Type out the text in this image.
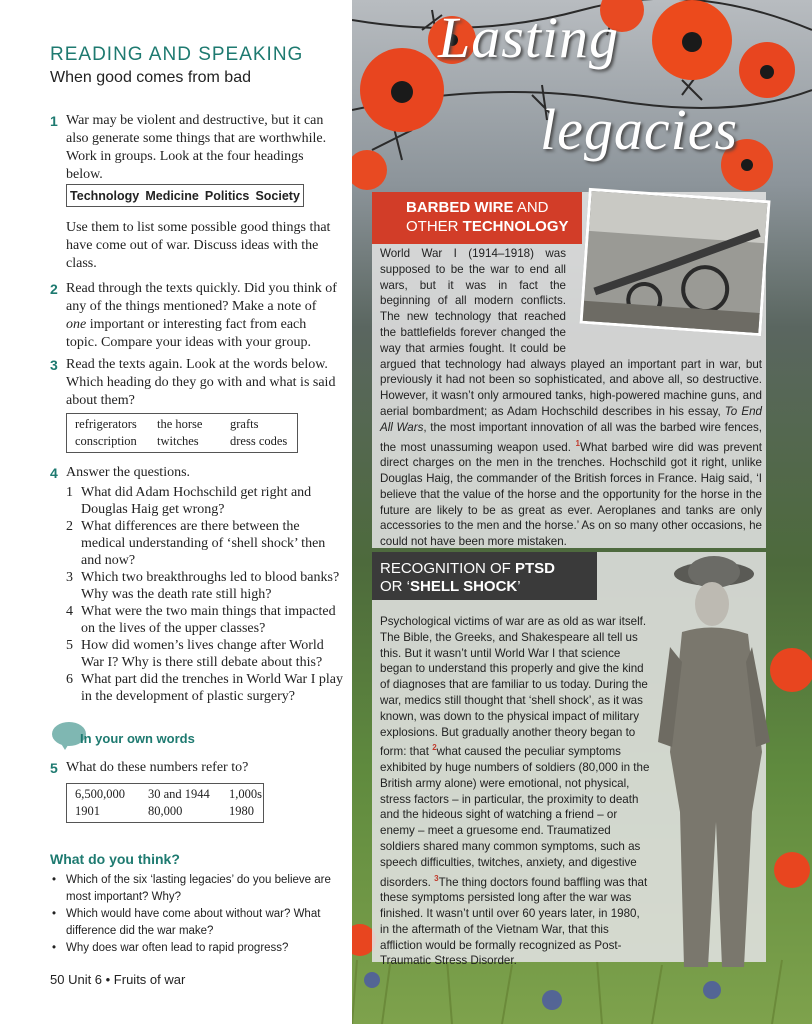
READING AND SPEAKING
When good comes from bad
1 War may be violent and destructive, but it can also generate some things that are worthwhile. Work in groups. Look at the four headings below.
Technology Medicine Politics Society
Use them to list some possible good things that have come out of war. Discuss ideas with the class.
2 Read through the texts quickly. Did you think of any of the things mentioned? Make a note of one important or interesting fact from each topic. Compare your ideas with your group.
3 Read the texts again. Look at the words below. Which heading do they go with and what is said about them?
refrigerators	the horse	grafts
conscription	twitches	dress codes
4 Answer the questions.
1 What did Adam Hochschild get right and Douglas Haig get wrong?
2 What differences are there between the medical understanding of ‘shell shock’ then and now?
3 Which two breakthroughs led to blood banks? Why was the death rate still high?
4 What were the two main things that impacted on the lives of the upper classes?
5 How did women’s lives change after World War I? Why is there still debate about this?
6 What part did the trenches in World War I play in the development of plastic surgery?
In your own words
5 What do these numbers refer to?
6,500,000	30 and 1944	1,000s
1901	80,000	1980
What do you think?
• Which of the six ‘lasting legacies’ do you believe are most important? Why?
• Which would have come about without war? What difference did the war make?
• Why does war often lead to rapid progress?
50 Unit 6 • Fruits of war
Lasting
legacies
BARBED WIRE AND
OTHER TECHNOLOGY
World War I (1914–1918) was supposed to be the war to end all wars, but it was in fact the beginning of all modern conflicts. The new technology that reached the battlefields forever changed the way that armies fought. It could be argued that technology had always played an important part in war, but previously it had not been so sophisticated, and above all, so destructive. However, it wasn’t only armoured tanks, high-powered machine guns, and aerial bombardment; as Adam Hochschild describes in his essay, To End All Wars, the most important innovation of all was the barbed wire fences, the most unassuming weapon used. $^1$What barbed wire did was prevent direct charges on the men in the trenches. Hochschild got it right, unlike Douglas Haig, the commander of the British forces in France. Haig said, ‘I believe that the value of the horse and the opportunity for the horse in the future are likely to be as great as ever. Aeroplanes and tanks are only accessories to the men and the horse.’ As on so many other occasions, he could not have been more mistaken.
RECOGNITION OF PTSD
OR ‘SHELL SHOCK’
Psychological victims of war are as old as war itself. The Bible, the Greeks, and Shakespeare all tell us this. But it wasn’t until World War I that science began to understand this properly and give the kind of diagnoses that are familiar to us today. During the war, medics still thought that ‘shell shock’, as it was known, was down to the physical impact of military explosions. But gradually another theory began to form: that $^2$what caused the peculiar symptoms exhibited by huge numbers of soldiers (80,000 in the British army alone) were emotional, not physical, stress factors – in particular, the proximity to death and the hideous sight of watching a friend – or enemy – meet a gruesome end. Traumatized soldiers shared many common symptoms, such as speech difficulties, twitches, anxiety, and digestive disorders. $^3$The thing doctors found baffling was that these symptoms persisted long after the war was finished. It wasn’t until over 60 years later, in 1980, in the aftermath of the Vietnam War, that this affliction would be formally recognized as Post-Traumatic Stress Disorder.
